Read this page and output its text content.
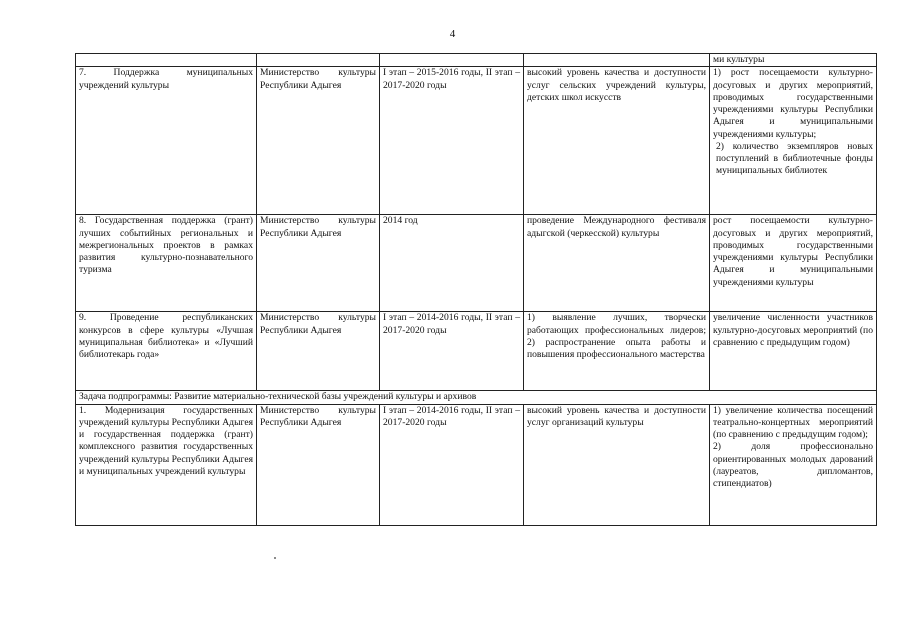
4
				ми культуры
7. Поддержка муниципальных учреждений культуры	Министерство культуры Республики Адыгея	I этап – 2015-2016 годы, II этап – 2017-2020 годы	высокий уровень качества и доступности услуг сельских учреждений культуры, детских школ искусств	1) рост посещаемости культурно-досуговых и других мероприятий, проводимых государственными учреждениями культуры Республики Адыгея и муниципальными учреждениями культуры;
2) количество экземпляров новых поступлений в библиотечные фонды муниципальных библиотек

8. Государственная поддержка (грант) лучших событийных региональных и межрегиональных проектов в рамках развития культурно-познавательного туризма	Министерство культуры Республики Адыгея	2014 год	проведение Международного фестиваля адыгской (черкесской) культуры	рост посещаемости культурно-досуговых и других мероприятий, проводимых государственными учреждениями культуры Республики Адыгея и муниципальными учреждениями культуры

9. Проведение республиканских конкурсов в сфере культуры «Лучшая муниципальная библиотека» и «Лучший библиотекарь года»	Министерство культуры Республики Адыгея	I этап – 2014-2016 годы, II этап – 2017-2020 годы	1) выявление лучших, творчески работающих профессиональных лидеров; 2) распространение опыта работы и повышения профессионального мастерства	увеличение численности участников культурно-досуговых мероприятий (по сравнению с предыдущим годом)

Задача подпрограммы: Развитие материально-технической базы учреждений культуры и архивов				
1. Модернизация государственных учреждений культуры Республики Адыгея и государственная поддержка (грант) комплексного развития государственных учреждений культуры Республики Адыгея и муниципальных учреждений культуры	Министерство культуры Республики Адыгея	I этап – 2014-2016 годы, II этап – 2017-2020 годы	высокий уровень качества и доступности услуг организаций культуры	1) увеличение количества посещений театрально-концертных мероприятий (по сравнению с предыдущим годом);
2) доля профессионально ориентированных молодых дарований (лауреатов, дипломантов, стипендиатов)
